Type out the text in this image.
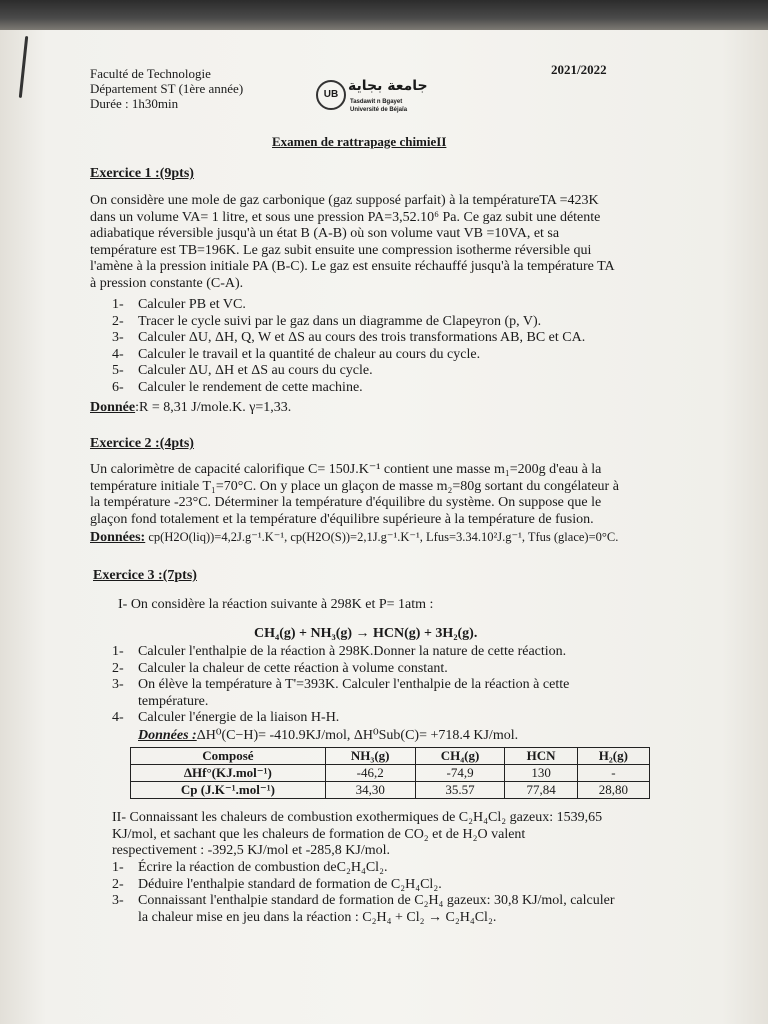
Faculté de Technologie
Département ST (1ère année)
Durée : 1h30min
2021/2022
UB
جامعة بجاية
Tasdawit n Bgayet
Université de Béjaïa
Examen de rattrapage chimieII
Exercice 1 :(9pts)
On considère une mole de gaz carbonique (gaz supposé parfait) à la températureTA =423K
dans un volume VA= 1 litre, et sous une pression PA=3,52.10⁶ Pa. Ce gaz subit une détente
adiabatique réversible jusqu'à un état B (A-B) où son volume vaut VB =10VA, et sa
température est TB=196K. Le gaz subit ensuite une compression isotherme réversible qui
l'amène à la pression initiale PA (B-C). Le gaz est ensuite réchauffé jusqu'à la température TA
à pression constante (C-A).
1- Calculer PB et VC.
2- Tracer le cycle suivi par le gaz dans un diagramme de Clapeyron (p, V).
3- Calculer ΔU, ΔH, Q, W et ΔS au cours des trois transformations AB, BC et CA.
4- Calculer le travail et la quantité de chaleur au cours du cycle.
5- Calculer ΔU, ΔH et ΔS au cours du cycle.
6- Calculer le rendement de cette machine.
Donnée:R = 8,31 J/mole.K. γ=1,33.
Exercice 2 :(4pts)
Un calorimètre de capacité calorifique C= 150J.K⁻¹ contient une masse m₁=200g d'eau à la
température initiale T₁=70°C. On y place un glaçon de masse m₂=80g sortant du congélateur à
la température -23°C. Déterminer la température d'équilibre du système. On suppose que le
glaçon fond totalement et la température d'équilibre supérieure à la température de fusion.
Données: cp(H2O(liq))=4,2J.g⁻¹.K⁻¹, cp(H2O(S))=2,1J.g⁻¹.K⁻¹, Lfus=3.34.10²J.g⁻¹, Tfus (glace)=0°C.
Exercice 3 :(7pts)
I- On considère la réaction suivante à 298K et P= 1atm :
CH₄(g) + NH₃(g) → HCN(g) + 3H₂(g).
1- Calculer l'enthalpie de la réaction à 298K.Donner la nature de cette réaction.
2- Calculer la chaleur de cette réaction à volume constant.
3- On élève la température à T'=393K. Calculer l'enthalpie de la réaction à cette
température.
4- Calculer l'énergie de la liaison H-H.
Données :ΔH⁰(C−H)= -410.9KJ/mol, ΔH⁰Sub(C)= +718.4 KJ/mol.
Composé	NH₃(g)	CH₄(g)	HCN	H₂(g)
ΔHf°(KJ.mol⁻¹)	-46,2	-74,9	130	-
Cp (J.K⁻¹.mol⁻¹)	34,30	35.57	77,84	28,80
II- Connaissant les chaleurs de combustion exothermiques de C₂H₄Cl₂ gazeux: 1539,65
KJ/mol, et sachant que les chaleurs de formation de CO₂ et de H₂O valent
respectivement : -392,5 KJ/mol et -285,8 KJ/mol.
1- Écrire la réaction de combustion deC₂H₄Cl₂.
2- Déduire l'enthalpie standard de formation de C₂H₄Cl₂.
3- Connaissant l'enthalpie standard de formation de C₂H₄ gazeux: 30,8 KJ/mol, calculer
la chaleur mise en jeu dans la réaction : C₂H₄ + Cl₂ → C₂H₄Cl₂.
